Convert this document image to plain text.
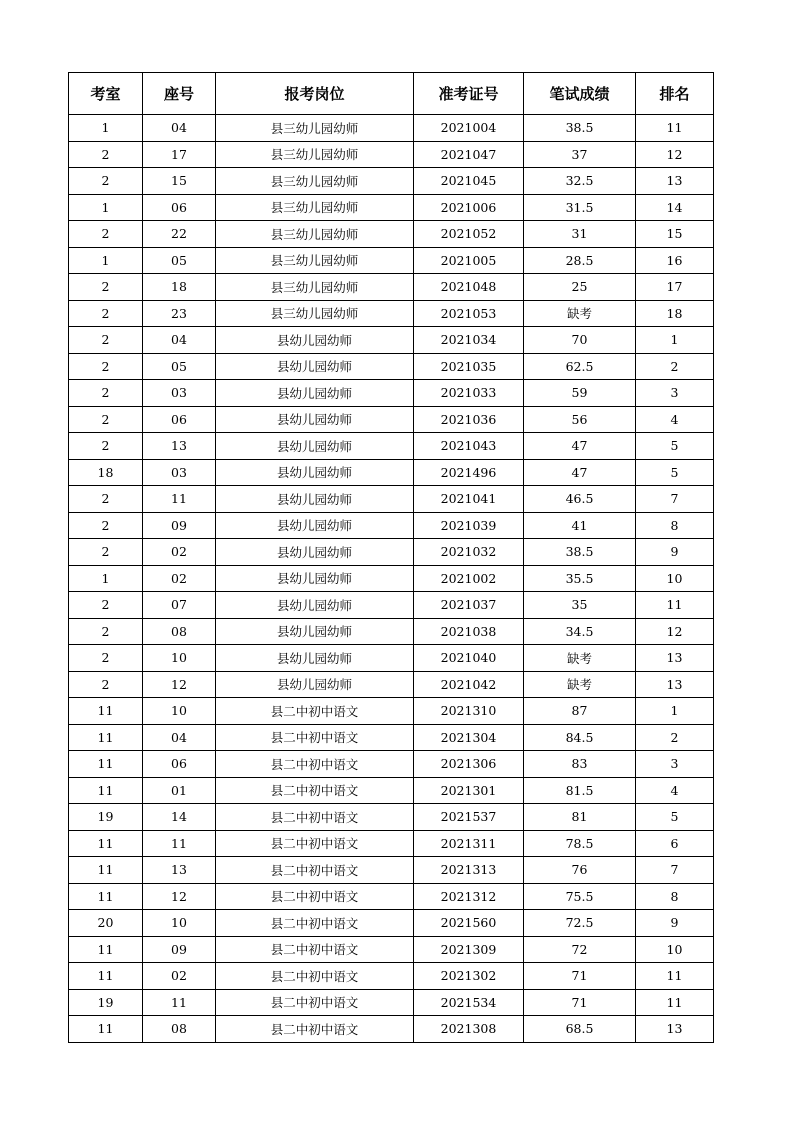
考室	座号	报考岗位	准考证号	笔试成绩	排名
1	04	县三幼儿园幼师	2021004	38.5	11
2	17	县三幼儿园幼师	2021047	37	12
2	15	县三幼儿园幼师	2021045	32.5	13
1	06	县三幼儿园幼师	2021006	31.5	14
2	22	县三幼儿园幼师	2021052	31	15
1	05	县三幼儿园幼师	2021005	28.5	16
2	18	县三幼儿园幼师	2021048	25	17
2	23	县三幼儿园幼师	2021053	缺考	18
2	04	县幼儿园幼师	2021034	70	1
2	05	县幼儿园幼师	2021035	62.5	2
2	03	县幼儿园幼师	2021033	59	3
2	06	县幼儿园幼师	2021036	56	4
2	13	县幼儿园幼师	2021043	47	5
18	03	县幼儿园幼师	2021496	47	5
2	11	县幼儿园幼师	2021041	46.5	7
2	09	县幼儿园幼师	2021039	41	8
2	02	县幼儿园幼师	2021032	38.5	9
1	02	县幼儿园幼师	2021002	35.5	10
2	07	县幼儿园幼师	2021037	35	11
2	08	县幼儿园幼师	2021038	34.5	12
2	10	县幼儿园幼师	2021040	缺考	13
2	12	县幼儿园幼师	2021042	缺考	13
11	10	县二中初中语文	2021310	87	1
11	04	县二中初中语文	2021304	84.5	2
11	06	县二中初中语文	2021306	83	3
11	01	县二中初中语文	2021301	81.5	4
19	14	县二中初中语文	2021537	81	5
11	11	县二中初中语文	2021311	78.5	6
11	13	县二中初中语文	2021313	76	7
11	12	县二中初中语文	2021312	75.5	8
20	10	县二中初中语文	2021560	72.5	9
11	09	县二中初中语文	2021309	72	10
11	02	县二中初中语文	2021302	71	11
19	11	县二中初中语文	2021534	71	11
11	08	县二中初中语文	2021308	68.5	13
